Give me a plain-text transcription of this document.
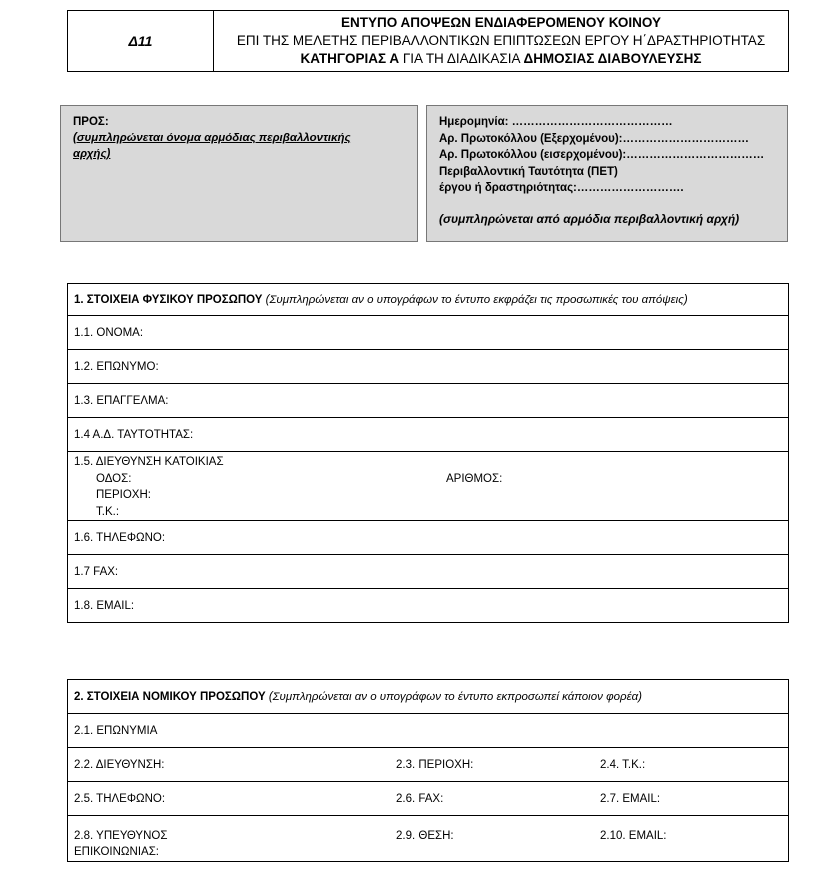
Δ11
ΕΝΤΥΠΟ ΑΠΟΨΕΩΝ ΕΝΔΙΑΦΕΡΟΜΕΝΟΥ ΚΟΙΝΟΥ
ΕΠΙ ΤΗΣ ΜΕΛΕΤΗΣ ΠΕΡΙΒΑΛΛΟΝΤΙΚΩΝ ΕΠΙΠΤΩΣΕΩΝ ΕΡΓΟΥ Η΄ΔΡΑΣΤΗΡΙΟΤΗΤΑΣ
ΚΑΤΗΓΟΡΙΑΣ Α ΓΙΑ ΤΗ ΔΙΑΔΙΚΑΣΙΑ ΔΗΜΟΣΙΑΣ ΔΙΑΒΟΥΛΕΥΣΗΣ
ΠΡΟΣ:
(συμπληρώνεται όνομα αρμόδιας περιβαλλοντικής αρχής)
Ημερομηνία: ……………………………………
Αρ. Πρωτοκόλλου (Εξερχομένου):……………………………
Αρ. Πρωτοκόλλου (εισερχομένου):………………………………
Περιβαλλοντική Ταυτότητα (ΠΕΤ)
έργου ή δραστηριότητας:……………………….
(συμπληρώνεται από αρμόδια περιβαλλοντική αρχή)
1. ΣΤΟΙΧΕΙΑ ΦΥΣΙΚΟΥ ΠΡΟΣΩΠΟΥ (Συμπληρώνεται αν ο υπογράφων το έντυπο εκφράζει τις προσωπικές του απόψεις)
1.1. ΟΝΟΜΑ:
1.2. ΕΠΩΝΥΜΟ:
1.3. ΕΠΑΓΓΕΛΜΑ:
1.4 Α.Δ. ΤΑΥΤΟΤΗΤΑΣ:

1.5. ΔΙΕΥΘΥΝΣΗ ΚΑΤΟΙΚΙΑΣ
ΟΔΟΣ:	ΑΡΙΘΜΟΣ:
ΠΕΡΙΟΧΗ:
Τ.Κ.:

1.6. ΤΗΛΕΦΩΝΟ:
1.7 FAX:
1.8. EMAIL:
2. ΣΤΟΙΧΕΙΑ ΝΟΜΙΚΟΥ ΠΡΟΣΩΠΟΥ (Συμπληρώνεται αν ο υπογράφων το έντυπο εκπροσωπεί κάποιον φορέα)
2.1. ΕΠΩΝΥΜΙΑ

2.2. ΔΙΕΥΘΥΝΣΗ:	2.3. ΠΕΡΙΟΧΗ:	2.4. Τ.Κ.:

2.5. ΤΗΛΕΦΩΝΟ:	2.6. FAX:	2.7. EMAIL:

2.8. ΥΠΕΥΘΥΝΟΣ
ΕΠΙΚΟΙΝΩΝΙΑΣ:
2.9. ΘΕΣΗ:	2.10. EMAIL:
